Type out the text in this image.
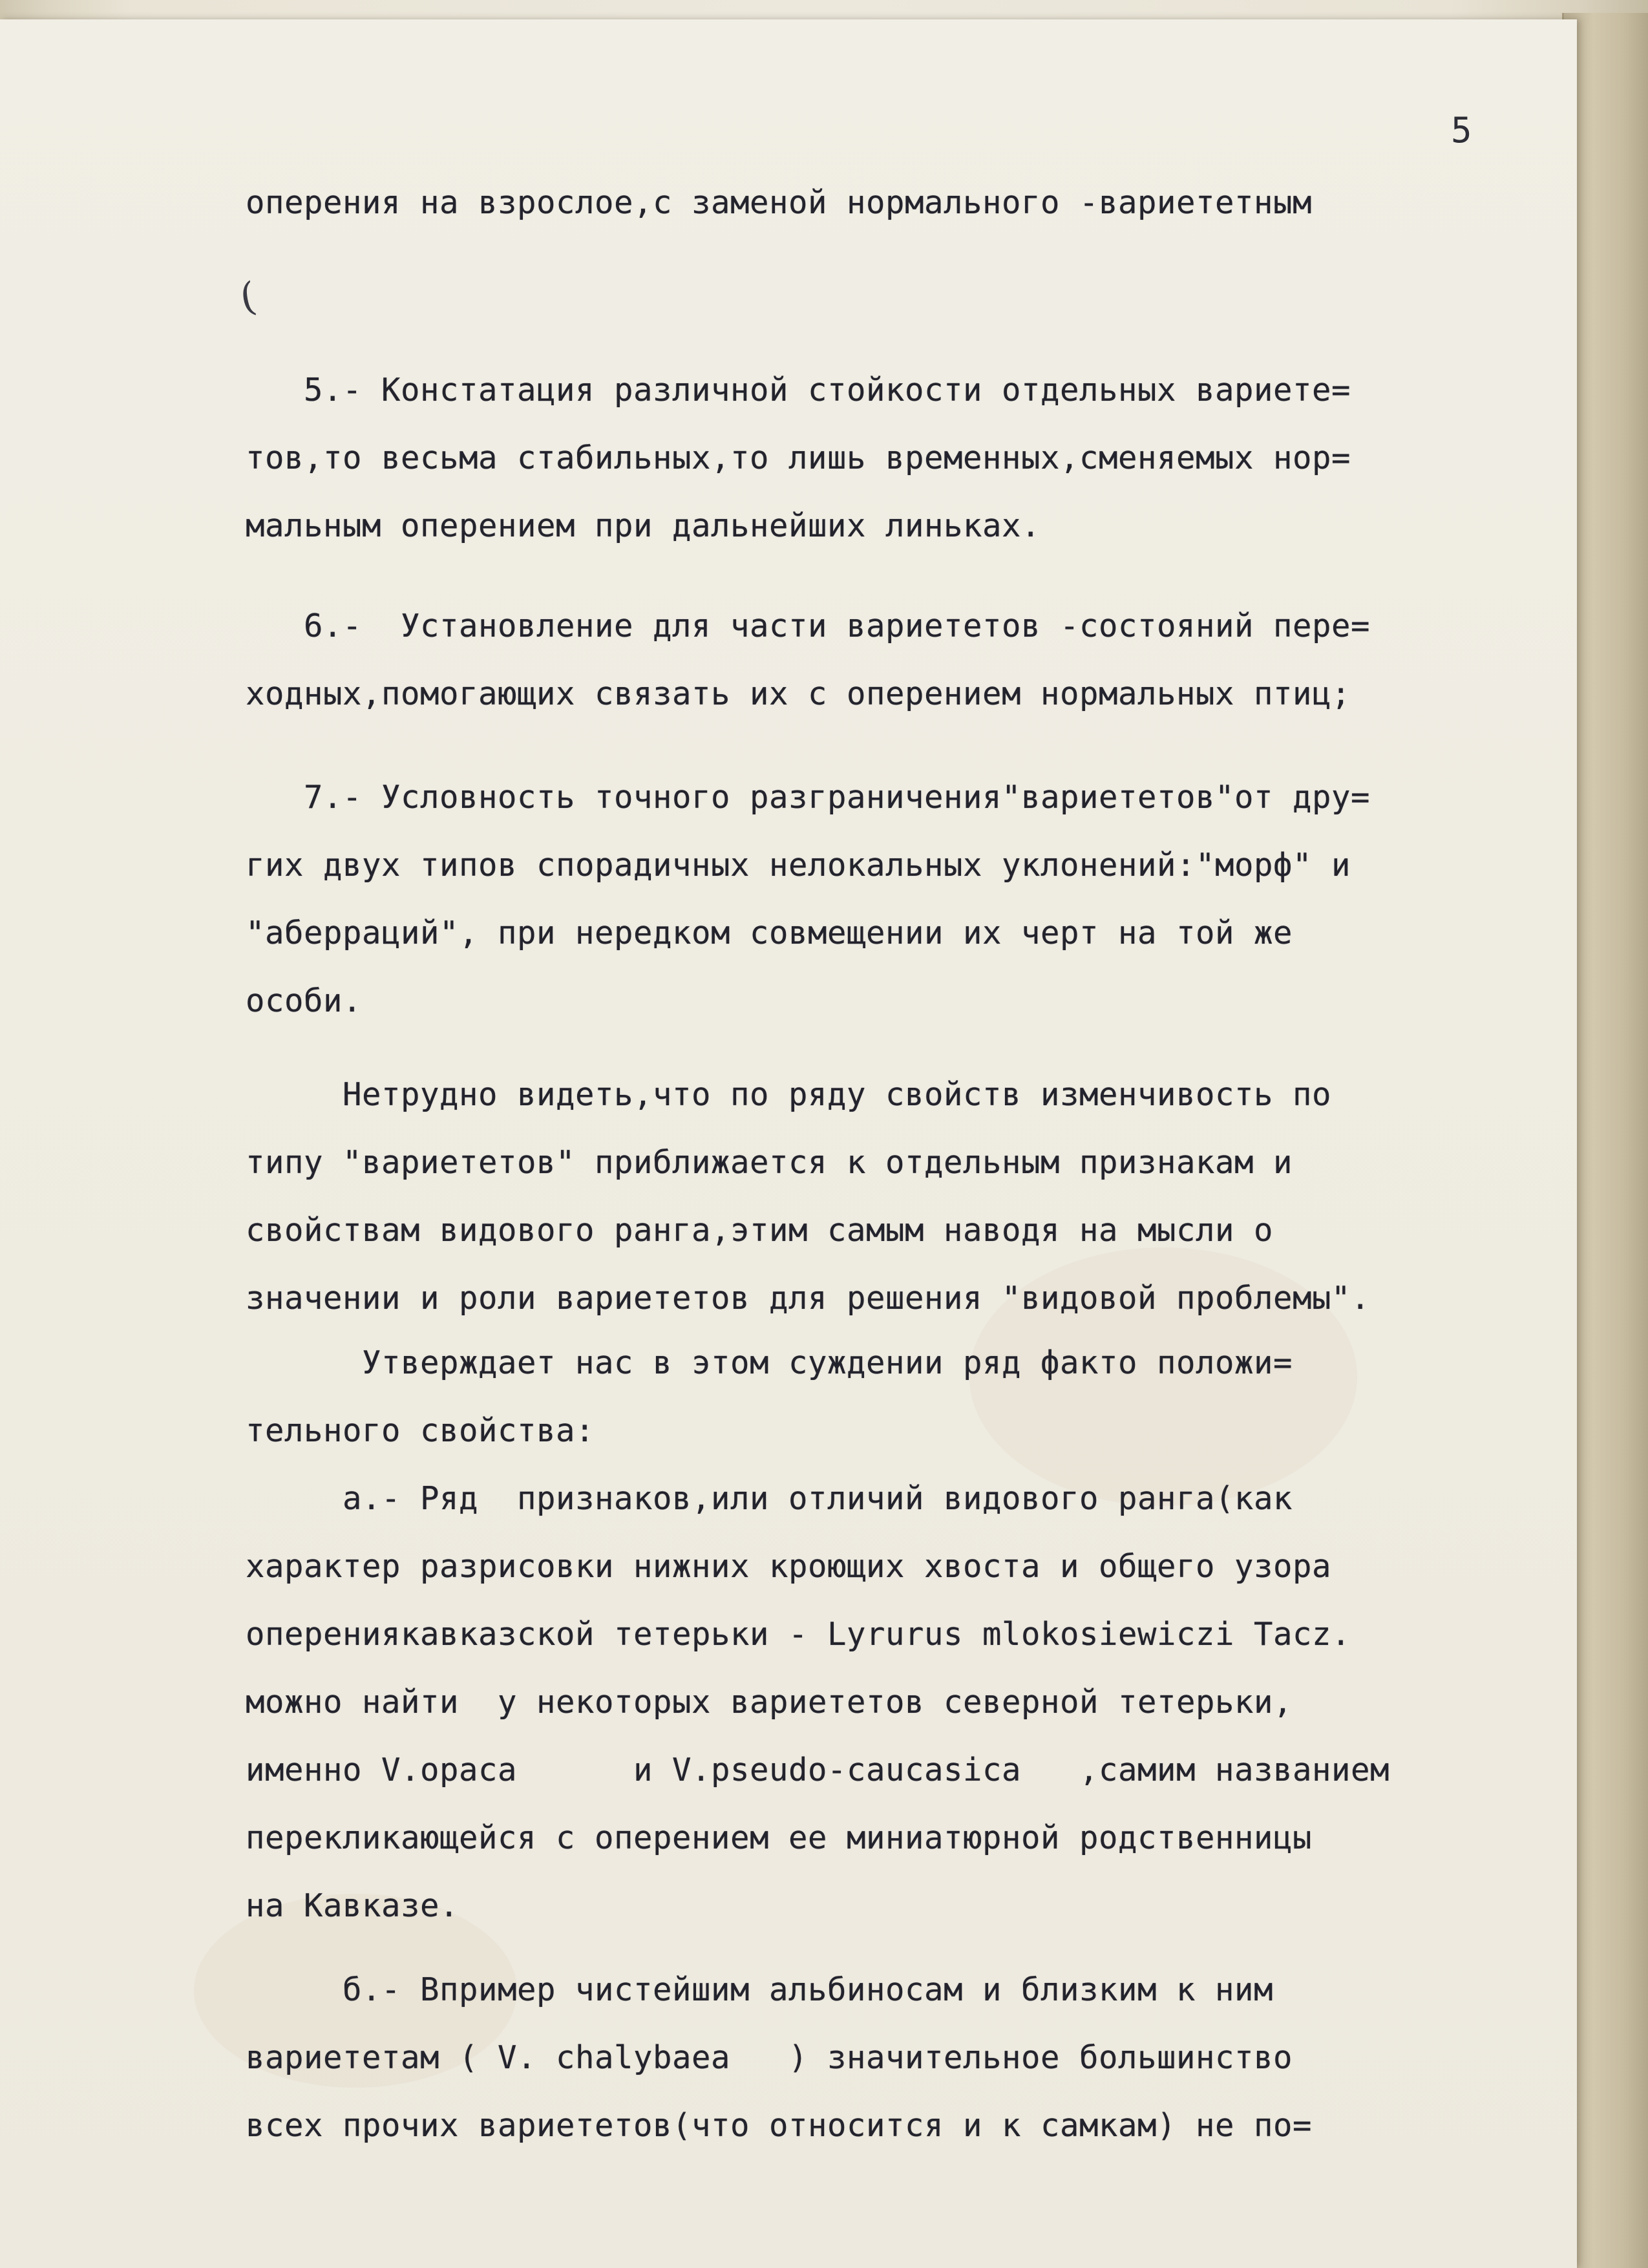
5
(
оперения на взрослое,с заменой нормального -вариететным
5.- Констатация различной стойкости отдельных вариете=
тов,то весьма стабильных,то лишь временных,сменяемых нор=
мальным оперением при дальнейших линьках.
6.-  Установление для части вариететов -состояний пере=
ходных,помогающих связать их с оперением нормальных птиц;
7.- Условность точного разграничения"вариететов"от дру=
гих двух типов спорадичных нелокальных уклонений:"морф" и
"аберраций", при нередком совмещении их черт на той же
особи.
Нетрудно видеть,что по ряду свойств изменчивость по
типу "вариететов" приближается к отдельным признакам и
свойствам видового ранга,этим самым наводя на мысли о
значении и роли вариететов для решения "видовой проблемы".
Утверждает нас в этом суждении ряд факто положи=
тельного свойства:
а.- Ряд  признаков,или отличий видового ранга(как
характер разрисовки нижних кроющих хвоста и общего узора
оперениякавказской тетерьки - Lyrurus mlokosiewiczi Tacz.
можно найти  у некоторых вариететов северной тетерьки,
именно V.opaca      и V.pseudo-caucasica   ,самим названием
перекликающейся с оперением ее миниатюрной родственницы
на Кавказе.
б.- Впример чистейшим альбиносам и близким к ним
вариететам ( V. chalybaea   ) значительное большинство
всех прочих вариететов(что относится и к самкам) не по=
